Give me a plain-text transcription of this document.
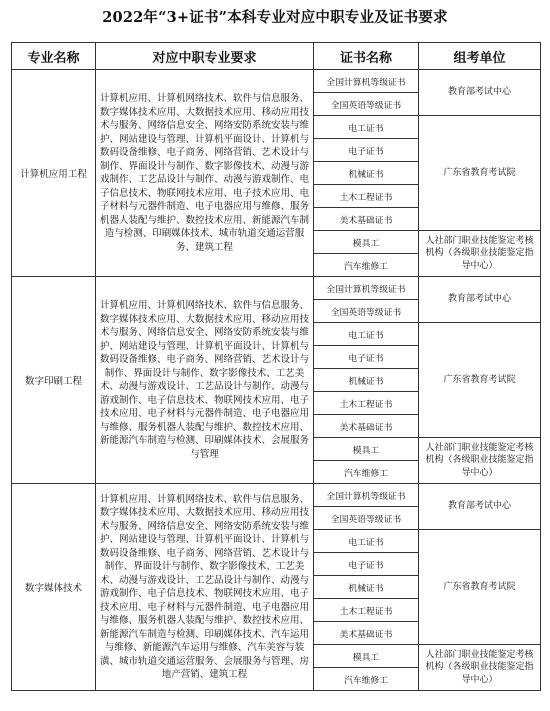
2022年“3+证书”本科专业对应中职专业及证书要求
专业名称	对应中职专业要求	证书名称	组考单位
计算机应用工程	计算机应用、计算机网络技术、软件与信息服务、数字媒体技术应用、大数据技术应用、移动应用技术与服务、网络信息安全、网络安防系统安装与维护、网站建设与管理、计算机平面设计、计算机与数码设备维修、电子商务、网络营销、艺术设计与制作、界面设计与制作、数字影像技术、动漫与游戏制作、工艺品设计与制作、动漫与游戏制作、电子信息技术、物联网技术应用、电子技术应用、电子材料与元器件制造、电子电器应用与维修、服务机器人装配与维护、数控技术应用、新能源汽车制造与检测、印刷媒体技术、城市轨道交通运营服务、建筑工程	全国计算机等级证书	教育部考试中心
		全国英语等级证书	
		电工证书	广东省教育考试院
		电子证书	
		机械证书	
		土木工程证书	
		美术基础证书	
		模具工	人社部门职业技能鉴定考核机构（各级职业技能鉴定指导中心）
		汽车维修工	
数字印刷工程	计算机应用、计算机网络技术、软件与信息服务、数字媒体技术应用、大数据技术应用、移动应用技术与服务、网络信息安全、网络安防系统安装与维护、网站建设与管理、计算机平面设计、计算机与数码设备维修、电子商务、网络营销、艺术设计与制作、界面设计与制作、数字影像技术、工艺美术、动漫与游戏设计、工艺品设计与制作、动漫与游戏制作、电子信息技术、物联网技术应用、电子技术应用、电子材料与元器件制造、电子电器应用与维修、服务机器人装配与维护、数控技术应用、新能源汽车制造与检测、印刷媒体技术、会展服务与管理	全国计算机等级证书	教育部考试中心
		全国英语等级证书	
		电工证书	广东省教育考试院
		电子证书	
		机械证书	
		土木工程证书	
		美术基础证书	
		模具工	人社部门职业技能鉴定考核机构（各级职业技能鉴定指导中心）
		汽车维修工	
数字媒体技术	计算机应用、计算机网络技术、软件与信息服务、数字媒体技术应用、大数据技术应用、移动应用技术与服务、网络信息安全、网络安防系统安装与维护、网站建设与管理、计算机平面设计、计算机与数码设备维修、电子商务、网络营销、艺术设计与制作、界面设计与制作、数字影像技术、工艺美术、动漫与游戏设计、工艺品设计与制作、动漫与游戏制作、电子信息技术、物联网技术应用、电子技术应用、电子材料与元器件制造、电子电器应用与维修、服务机器人装配与维护、数控技术应用、新能源汽车制造与检测、印刷媒体技术、汽车运用与维修、新能源汽车运用与维修、汽车美容与装潢、城市轨道交通运营服务、会展服务与管理、房地产营销、建筑工程	全国计算机等级证书	教育部考试中心
		全国英语等级证书	
		电工证书	广东省教育考试院
		电子证书	
		机械证书	
		土木工程证书	
		美术基础证书	
		模具工	人社部门职业技能鉴定考核机构（各级职业技能鉴定指导中心）
		汽车维修工	
